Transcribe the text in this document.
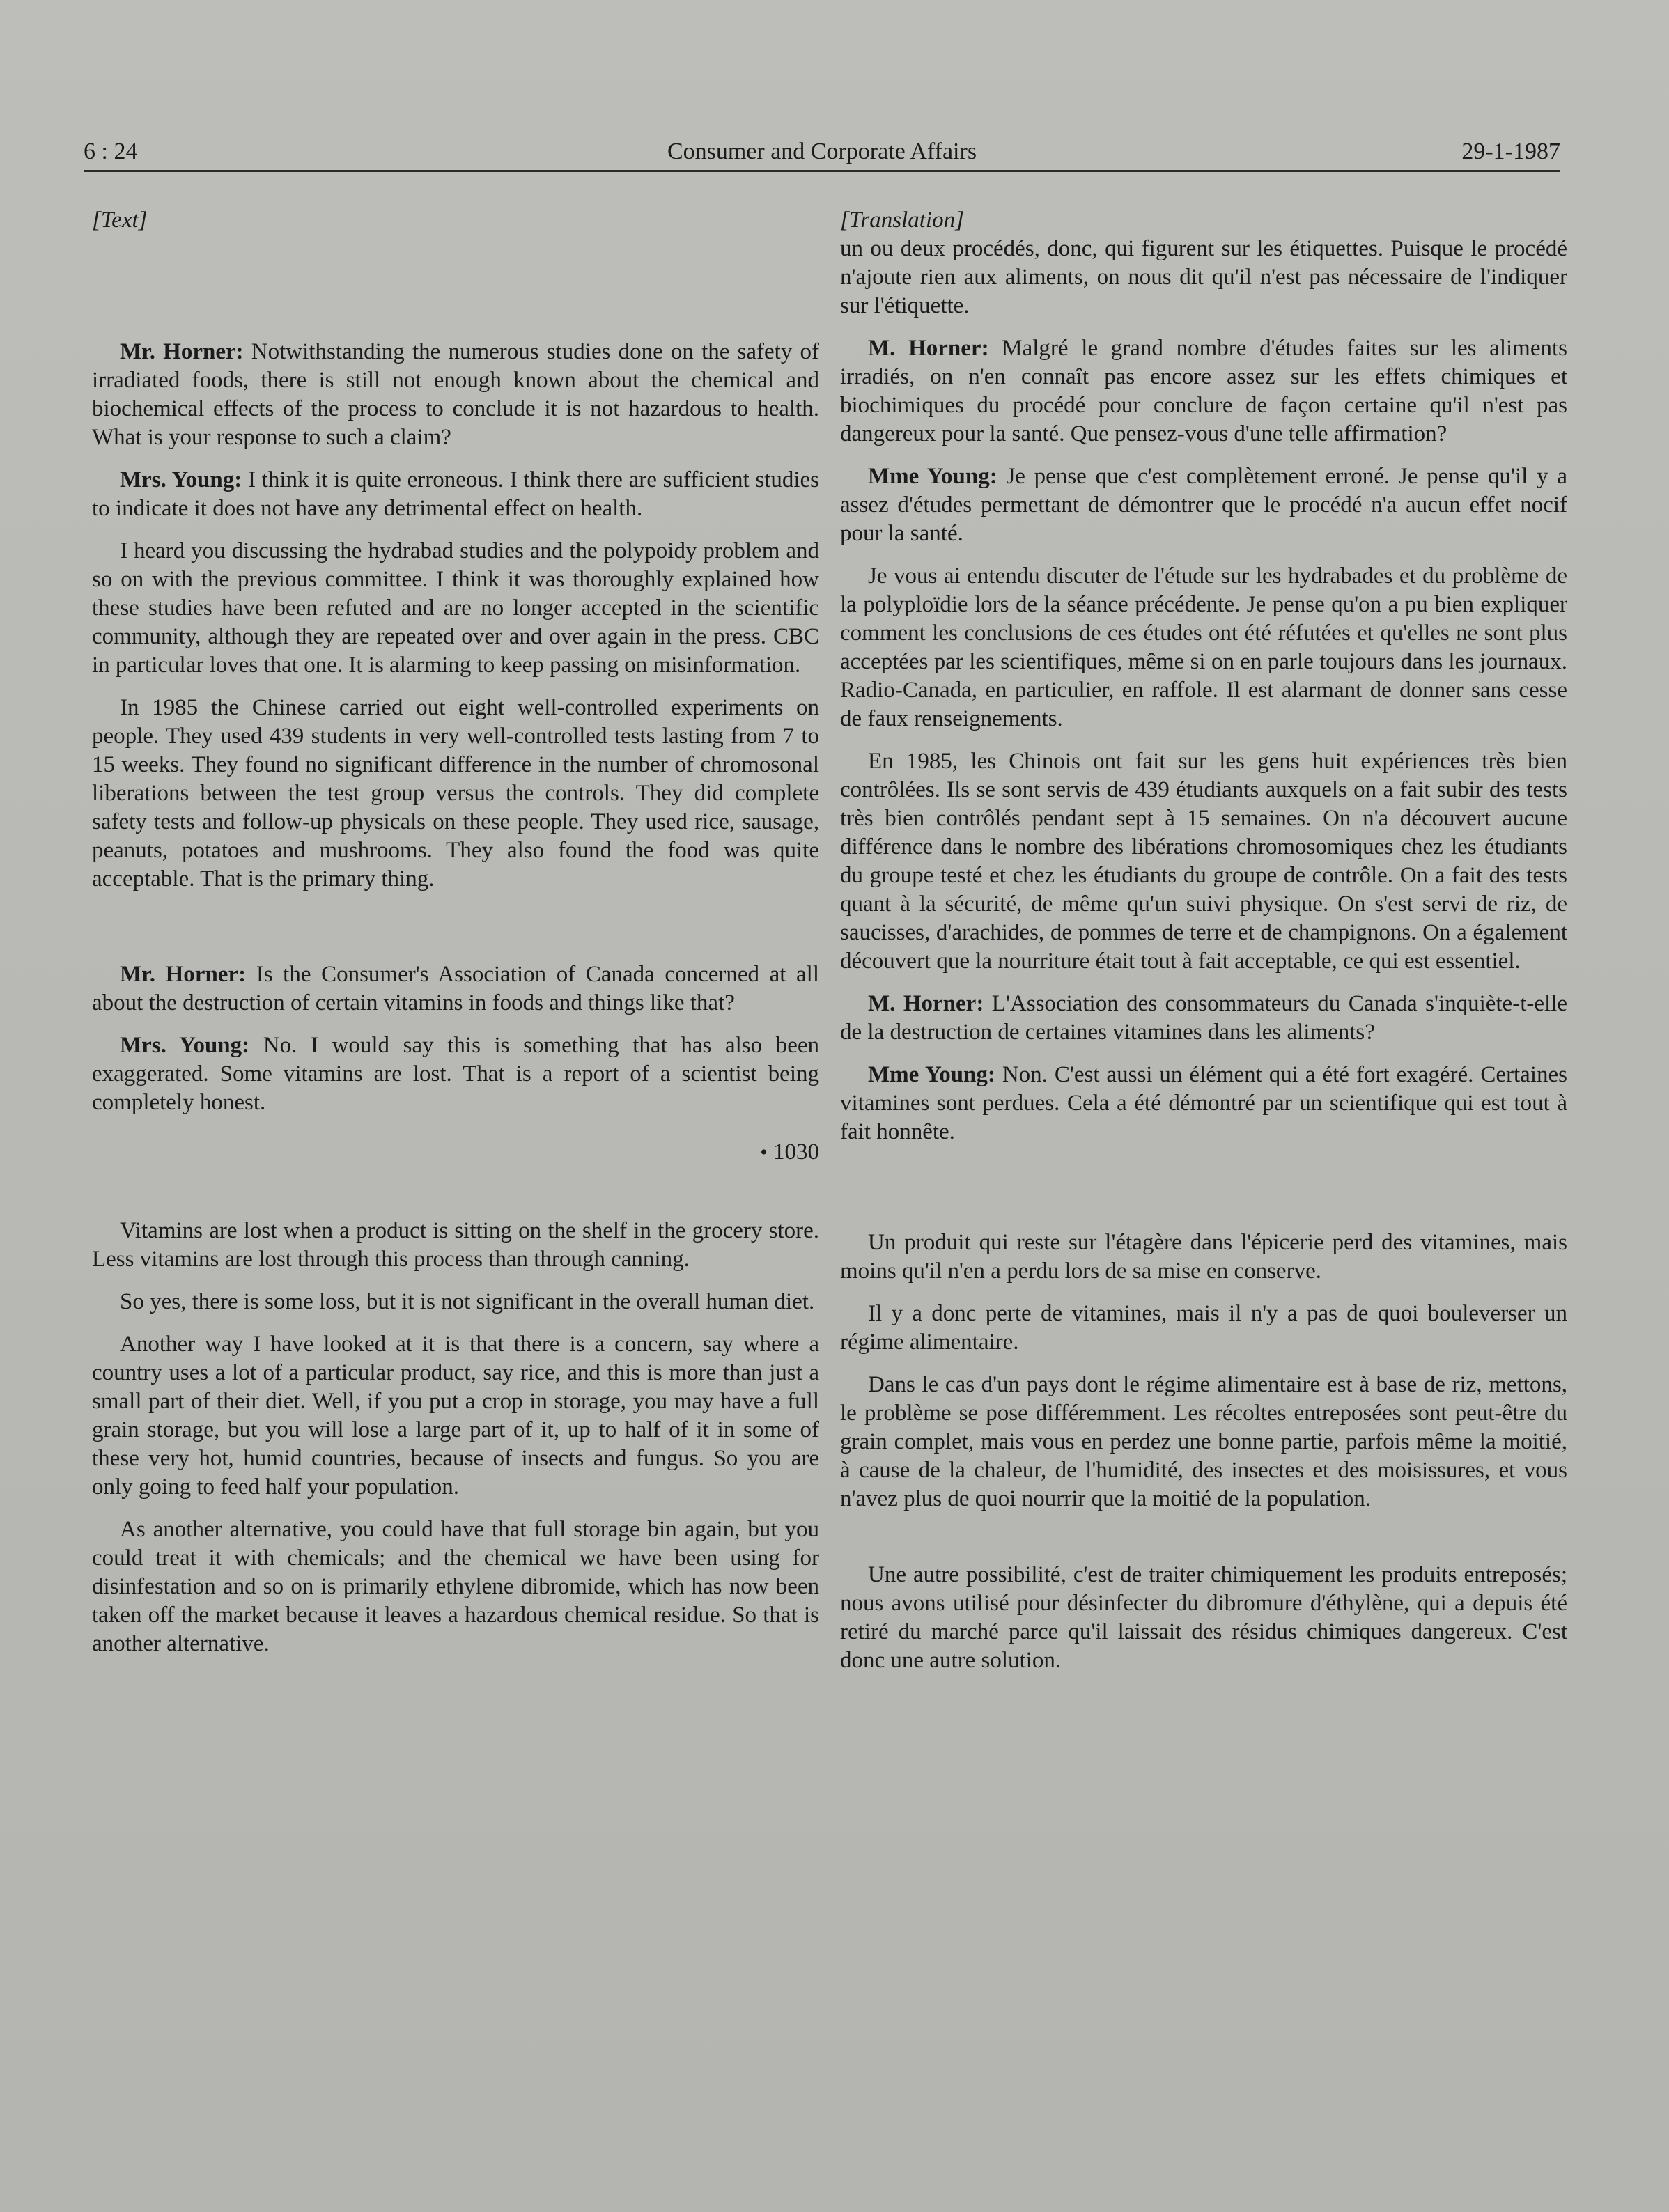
6 : 24	Consumer and Corporate Affairs	29-1-1987

[Text]

Mr. Horner: Notwithstanding the numerous studies done on the safety of irradiated foods, there is still not enough known about the chemical and biochemical effects of the process to conclude it is not hazardous to health. What is your response to such a claim?

Mrs. Young: I think it is quite erroneous. I think there are sufficient studies to indicate it does not have any detrimental effect on health.

I heard you discussing the hydrabad studies and the polypoidy problem and so on with the previous committee. I think it was thoroughly explained how these studies have been refuted and are no longer accepted in the scientific community, although they are repeated over and over again in the press. CBC in particular loves that one. It is alarming to keep passing on misinformation.

In 1985 the Chinese carried out eight well-controlled experiments on people. They used 439 students in very well-controlled tests lasting from 7 to 15 weeks. They found no significant difference in the number of chromosonal liberations between the test group versus the controls. They did complete safety tests and follow-up physicals on these people. They used rice, sausage, peanuts, potatoes and mushrooms. They also found the food was quite acceptable. That is the primary thing.

Mr. Horner: Is the Consumer's Association of Canada concerned at all about the destruction of certain vitamins in foods and things like that?

Mrs. Young: No. I would say this is something that has also been exaggerated. Some vitamins are lost. That is a report of a scientist being completely honest.

• 1030

Vitamins are lost when a product is sitting on the shelf in the grocery store. Less vitamins are lost through this process than through canning.

So yes, there is some loss, but it is not significant in the overall human diet.

Another way I have looked at it is that there is a concern, say where a country uses a lot of a particular product, say rice, and this is more than just a small part of their diet. Well, if you put a crop in storage, you may have a full grain storage, but you will lose a large part of it, up to half of it in some of these very hot, humid countries, because of insects and fungus. So you are only going to feed half your population.

As another alternative, you could have that full storage bin again, but you could treat it with chemicals; and the chemical we have been using for disinfestation and so on is primarily ethylene dibromide, which has now been taken off the market because it leaves a hazardous chemical residue. So that is another alternative.

[Translation]

un ou deux procédés, donc, qui figurent sur les étiquettes. Puisque le procédé n'ajoute rien aux aliments, on nous dit qu'il n'est pas nécessaire de l'indiquer sur l'étiquette.

M. Horner: Malgré le grand nombre d'études faites sur les aliments irradiés, on n'en connaît pas encore assez sur les effets chimiques et biochimiques du procédé pour conclure de façon certaine qu'il n'est pas dangereux pour la santé. Que pensez-vous d'une telle affirmation?

Mme Young: Je pense que c'est complètement erroné. Je pense qu'il y a assez d'études permettant de démontrer que le procédé n'a aucun effet nocif pour la santé.

Je vous ai entendu discuter de l'étude sur les hydrabades et du problème de la polyploïdie lors de la séance précédente. Je pense qu'on a pu bien expliquer comment les conclusions de ces études ont été réfutées et qu'elles ne sont plus acceptées par les scientifiques, même si on en parle toujours dans les journaux. Radio-Canada, en particulier, en raffole. Il est alarmant de donner sans cesse de faux renseignements.

En 1985, les Chinois ont fait sur les gens huit expériences très bien contrôlées. Ils se sont servis de 439 étudiants auxquels on a fait subir des tests très bien contrôlés pendant sept à 15 semaines. On n'a découvert aucune différence dans le nombre des libérations chromosomiques chez les étudiants du groupe testé et chez les étudiants du groupe de contrôle. On a fait des tests quant à la sécurité, de même qu'un suivi physique. On s'est servi de riz, de saucisses, d'arachides, de pommes de terre et de champignons. On a également découvert que la nourriture était tout à fait acceptable, ce qui est essentiel.

M. Horner: L'Association des consommateurs du Canada s'inquiète-t-elle de la destruction de certaines vitamines dans les aliments?

Mme Young: Non. C'est aussi un élément qui a été fort exagéré. Certaines vitamines sont perdues. Cela a été démontré par un scientifique qui est tout à fait honnête.

Un produit qui reste sur l'étagère dans l'épicerie perd des vitamines, mais moins qu'il n'en a perdu lors de sa mise en conserve.

Il y a donc perte de vitamines, mais il n'y a pas de quoi bouleverser un régime alimentaire.

Dans le cas d'un pays dont le régime alimentaire est à base de riz, mettons, le problème se pose différemment. Les récoltes entreposées sont peut-être du grain complet, mais vous en perdez une bonne partie, parfois même la moitié, à cause de la chaleur, de l'humidité, des insectes et des moisissures, et vous n'avez plus de quoi nourrir que la moitié de la population.

Une autre possibilité, c'est de traiter chimiquement les produits entreposés; nous avons utilisé pour désinfecter du dibromure d'éthylène, qui a depuis été retiré du marché parce qu'il laissait des résidus chimiques dangereux. C'est donc une autre solution.
